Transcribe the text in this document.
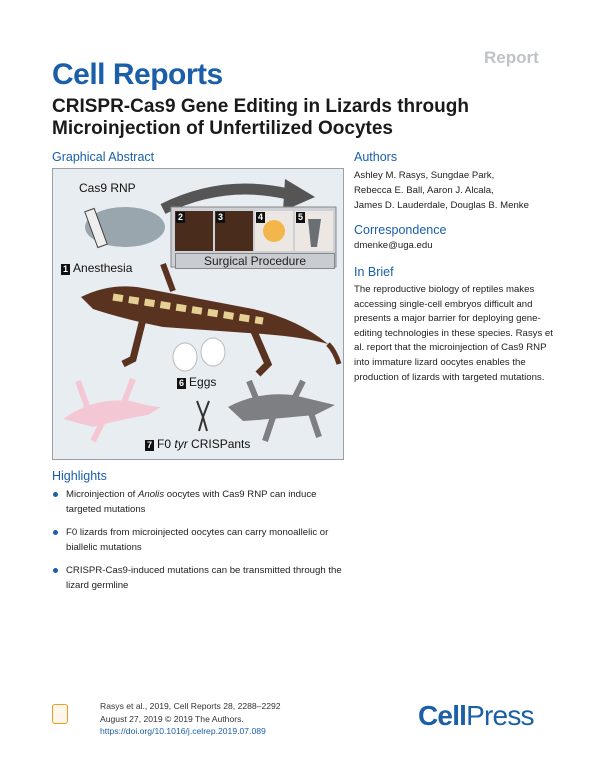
Report
Cell Reports
CRISPR-Cas9 Gene Editing in Lizards through Microinjection of Unfertilized Oocytes
Graphical Abstract
Cas9 RNP
1 Anesthesia
2	3	4	5
Surgical Procedure
6 Eggs
7 F0 tyr CRISPants
Authors
Ashley M. Rasys, Sungdae Park,
Rebecca E. Ball, Aaron J. Alcala,
James D. Lauderdale, Douglas B. Menke
Correspondence
dmenke@uga.edu
In Brief
The reproductive biology of reptiles makes accessing single-cell embryos difficult and presents a major barrier for deploying gene-editing technologies in these species. Rasys et al. report that the microinjection of Cas9 RNP into immature lizard oocytes enables the production of lizards with targeted mutations.
Highlights
Microinjection of Anolis oocytes with Cas9 RNP can induce targeted mutations
F0 lizards from microinjected oocytes can carry monoallelic or biallelic mutations
CRISPR-Cas9-induced mutations can be transmitted through the lizard germline
Rasys et al., 2019, Cell Reports 28, 2288–2292
August 27, 2019 © 2019 The Authors.
https://doi.org/10.1016/j.celrep.2019.07.089	CellPress
